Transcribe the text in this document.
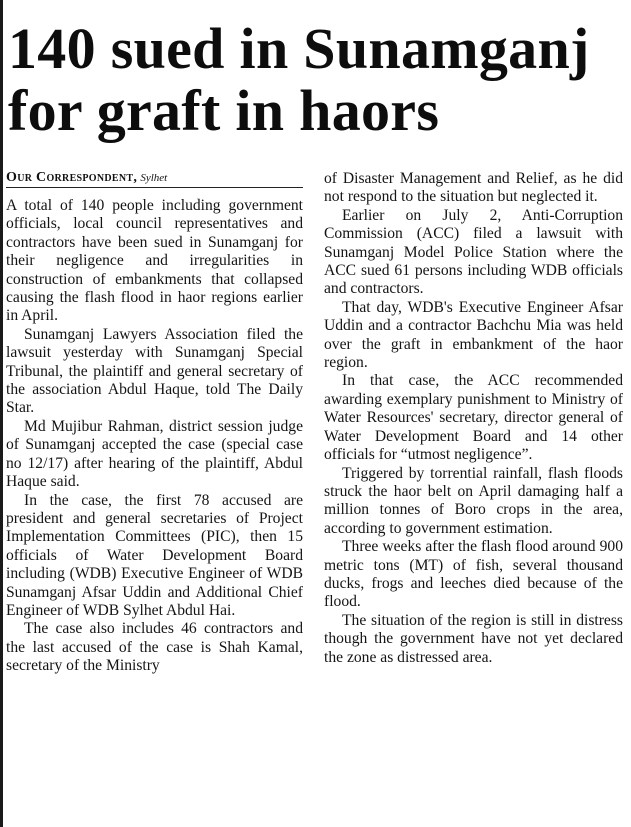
140 sued in Sunamganj
for graft in haors
Our Correspondent, Sylhet

A total of 140 people including government officials, local council representatives and contractors have been sued in Sunamganj for their negligence and irregularities in construction of embankments that collapsed causing the flash flood in haor regions earlier in April.

Sunamganj Lawyers Association filed the lawsuit yesterday with Sunamganj Special Tribunal, the plaintiff and general secretary of the association Abdul Haque, told The Daily Star.

Md Mujibur Rahman, district session judge of Sunamganj accepted the case (special case no 12/17) after hearing of the plaintiff, Abdul Haque said.

In the case, the first 78 accused are president and general secretaries of Project Implementation Committees (PIC), then 15 officials of Water Development Board including (WDB) Executive Engineer of WDB Sunamganj Afsar Uddin and Additional Chief Engineer of WDB Sylhet Abdul Hai.

The case also includes 46 contractors and the last accused of the case is Shah Kamal, secretary of the Ministry

of Disaster Management and Relief, as he did not respond to the situation but neglected it.

Earlier on July 2, Anti-Corruption Commission (ACC) filed a lawsuit with Sunamganj Model Police Station where the ACC sued 61 persons including WDB officials and contractors.

That day, WDB's Executive Engineer Afsar Uddin and a contractor Bachchu Mia was held over the graft in embankment of the haor region.

In that case, the ACC recommended awarding exemplary punishment to Ministry of Water Resources' secretary, director general of Water Development Board and 14 other officials for “utmost negligence”.

Triggered by torrential rainfall, flash floods struck the haor belt on April damaging half a million tonnes of Boro crops in the area, according to government estimation.

Three weeks after the flash flood around 900 metric tons (MT) of fish, several thousand ducks, frogs and leeches died because of the flood.

The situation of the region is still in distress though the government have not yet declared the zone as distressed area.
